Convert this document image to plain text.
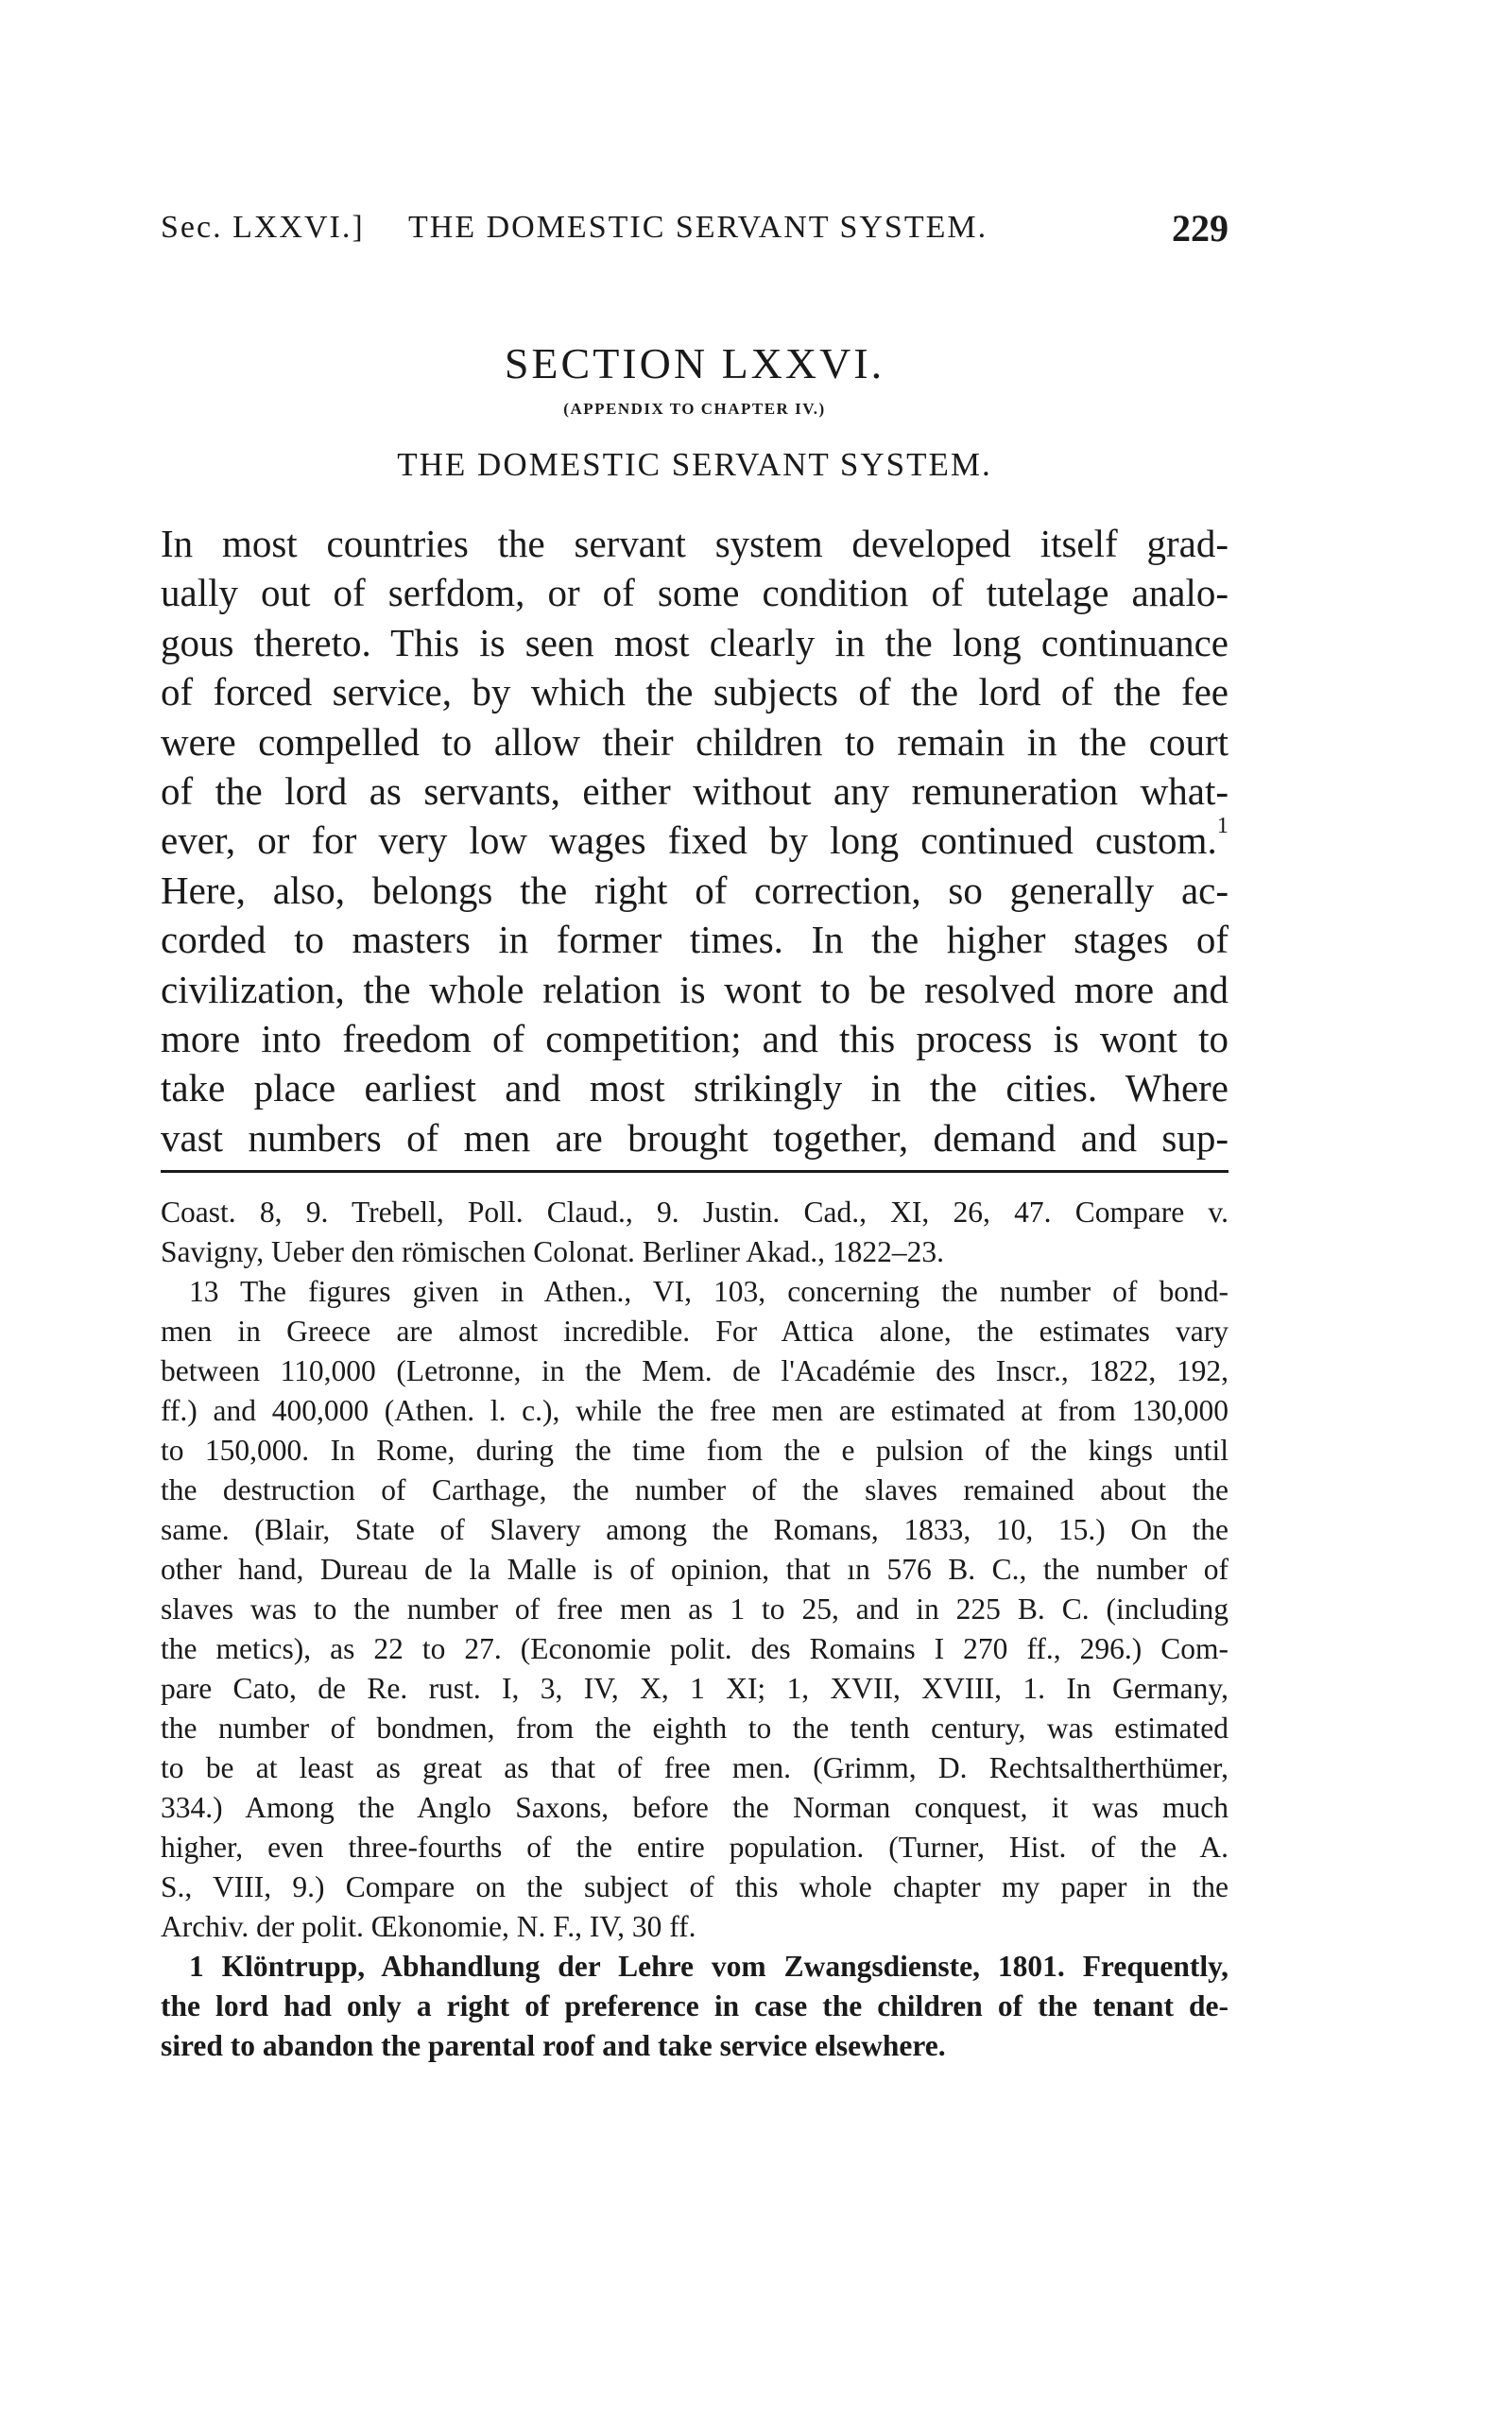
Sec. LXXVI.] THE DOMESTIC SERVANT SYSTEM.	229
SECTION LXXVI.
(APPENDIX TO CHAPTER IV.)
THE DOMESTIC SERVANT SYSTEM.
In most countries the servant system developed itself grad-
ually out of serfdom, or of some condition of tutelage analo-
gous thereto. This is seen most clearly in the long continuance
of forced service, by which the subjects of the lord of the fee
were compelled to allow their children to remain in the court
of the lord as servants, either without any remuneration what-
ever, or for very low wages fixed by long continued custom.$^1$
Here, also, belongs the right of correction, so generally ac-
corded to masters in former times. In the higher stages of
civilization, the whole relation is wont to be resolved more and
more into freedom of competition; and this process is wont to
take place earliest and most strikingly in the cities. Where
vast numbers of men are brought together, demand and sup-
Coast. 8, 9. Trebell, Poll. Claud., 9. Justin. Cad., XI, 26, 47. Compare v.
Savigny, Ueber den römischen Colonat. Berliner Akad., 1822–23.
13 The figures given in Athen., VI, 103, concerning the number of bond-
men in Greece are almost incredible. For Attica alone, the estimates vary
between 110,000 (Letronne, in the Mem. de l'Académie des Inscr., 1822, 192,
ff.) and 400,000 (Athen. l. c.), while the free men are estimated at from 130,000
to 150,000. In Rome, during the time fıom the e pulsion of the kings until
the destruction of Carthage, the number of the slaves remained about the
same. (Blair, State of Slavery among the Romans, 1833, 10, 15.) On the
other hand, Dureau de la Malle is of opinion, that ın 576 B. C., the number of
slaves was to the number of free men as 1 to 25, and in 225 B. C. (including
the metics), as 22 to 27. (Economie polit. des Romains I 270 ff., 296.) Com-
pare Cato, de Re. rust. I, 3, IV, X, 1 XI; 1, XVII, XVIII, 1. In Germany,
the number of bondmen, from the eighth to the tenth century, was estimated
to be at least as great as that of free men. (Grimm, D. Rechtsaltherthümer,
334.) Among the Anglo Saxons, before the Norman conquest, it was much
higher, even three-fourths of the entire population. (Turner, Hist. of the A.
S., VIII, 9.) Compare on the subject of this whole chapter my paper in the
Archiv. der polit. Œkonomie, N. F., IV, 30 ff.
1 Klöntrupp, Abhandlung der Lehre vom Zwangsdienste, 1801. Frequently,
the lord had only a right of preference in case the children of the tenant de-
sired to abandon the parental roof and take service elsewhere.
